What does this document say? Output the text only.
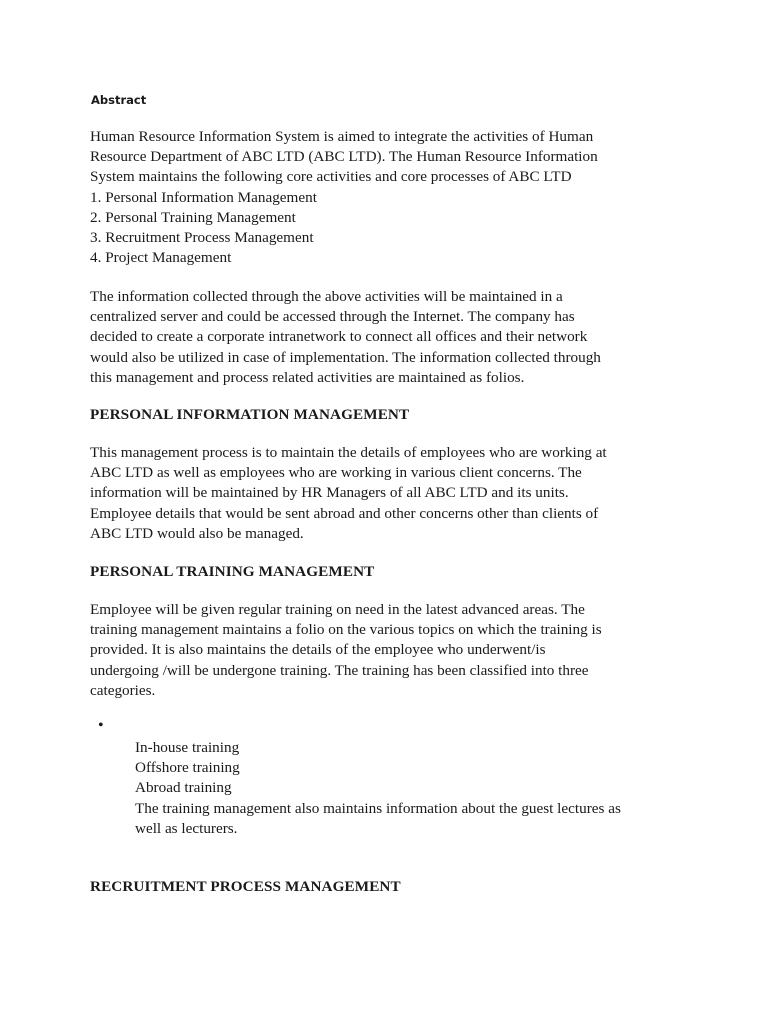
Abstract

Human Resource Information System is aimed to integrate the activities of Human
Resource Department of ABC LTD (ABC LTD). The Human Resource Information
System maintains the following core activities and core processes of ABC LTD
1. Personal Information Management
2. Personal Training Management
3. Recruitment Process Management
4. Project Management

The information collected through the above activities will be maintained in a
centralized server and could be accessed through the Internet. The company has
decided to create a corporate intranetwork to connect all offices and their network
would also be utilized in case of implementation. The information collected through
this management and process related activities are maintained as folios.

PERSONAL INFORMATION MANAGEMENT

This management process is to maintain the details of employees who are working at
ABC LTD as well as employees who are working in various client concerns. The
information will be maintained by HR Managers of all ABC LTD and its units.
Employee details that would be sent abroad and other concerns other than clients of
ABC LTD would also be managed.

PERSONAL TRAINING MANAGEMENT

Employee will be given regular training on need in the latest advanced areas. The
training management maintains a folio on the various topics on which the training is
provided. It is also maintains the details of the employee who underwent/is
undergoing /will be undergone training. The training has been classified into three
categories.

•

In-house training
Offshore training
Abroad training
The training management also maintains information about the guest lectures as
well as lecturers.

RECRUITMENT PROCESS MANAGEMENT
